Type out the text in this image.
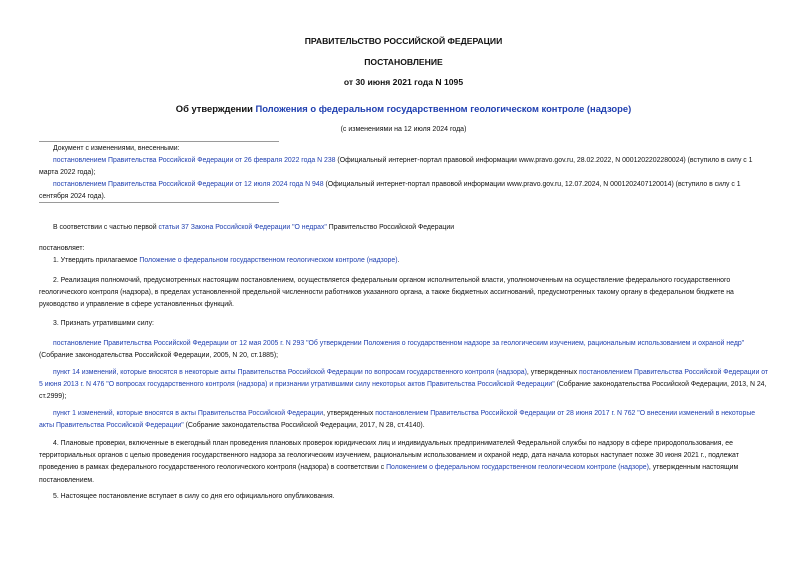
ПРАВИТЕЛЬСТВО РОССИЙСКОЙ ФЕДЕРАЦИИ
ПОСТАНОВЛЕНИЕ
от 30 июня 2021 года N 1095
Об утверждении Положения о федеральном государственном геологическом контроле (надзоре)
(с изменениями на 12 июля 2024 года)

Документ с изменениями, внесенными:

постановлением Правительства Российской Федерации от 26 февраля 2022 года N 238 (Официальный интернет-портал правовой информации www.pravo.gov.ru, 28.02.2022, N 0001202202280024) (вступило в силу с 1 марта 2022 года);

постановлением Правительства Российской Федерации от 12 июля 2024 года N 948 (Официальный интернет-портал правовой информации www.pravo.gov.ru, 12.07.2024, N 0001202407120014) (вступило в силу с 1 сентября 2024 года).

В соответствии с частью первой статьи 37 Закона Российской Федерации "О недрах" Правительство Российской Федерации

постановляет:

1. Утвердить прилагаемое Положение о федеральном государственном геологическом контроле (надзоре).

2. Реализация полномочий, предусмотренных настоящим постановлением, осуществляется федеральным органом исполнительной власти, уполномоченным на осуществление федерального государственного геологического контроля (надзора), в пределах установленной предельной численности работников указанного органа, а также бюджетных ассигнований, предусмотренных такому органу в федеральном бюджете на руководство и управление в сфере установленных функций.

3. Признать утратившими силу:

постановление Правительства Российской Федерации от 12 мая 2005 г. N 293 "Об утверждении Положения о государственном надзоре за геологическим изучением, рациональным использованием и охраной недр" (Собрание законодательства Российской Федерации, 2005, N 20, ст.1885);

пункт 14 изменений, которые вносятся в некоторые акты Правительства Российской Федерации по вопросам государственного контроля (надзора), утвержденных постановлением Правительства Российской Федерации от 5 июня 2013 г. N 476 "О вопросах государственного контроля (надзора) и признании утратившими силу некоторых актов Правительства Российской Федерации" (Собрание законодательства Российской Федерации, 2013, N 24, ст.2999);

пункт 1 изменений, которые вносятся в акты Правительства Российской Федерации, утвержденных постановлением Правительства Российской Федерации от 28 июня 2017 г. N 762 "О внесении изменений в некоторые акты Правительства Российской Федерации" (Собрание законодательства Российской Федерации, 2017, N 28, ст.4140).

4. Плановые проверки, включенные в ежегодный план проведения плановых проверок юридических лиц и индивидуальных предпринимателей Федеральной службы по надзору в сфере природопользования, ее территориальных органов с целью проведения государственного надзора за геологическим изучением, рациональным использованием и охраной недр, дата начала которых наступает позже 30 июня 2021 г., подлежат проведению в рамках федерального государственного геологического контроля (надзора) в соответствии с Положением о федеральном государственном геологическом контроле (надзоре), утвержденным настоящим постановлением.

5. Настоящее постановление вступает в силу со дня его официального опубликования.
